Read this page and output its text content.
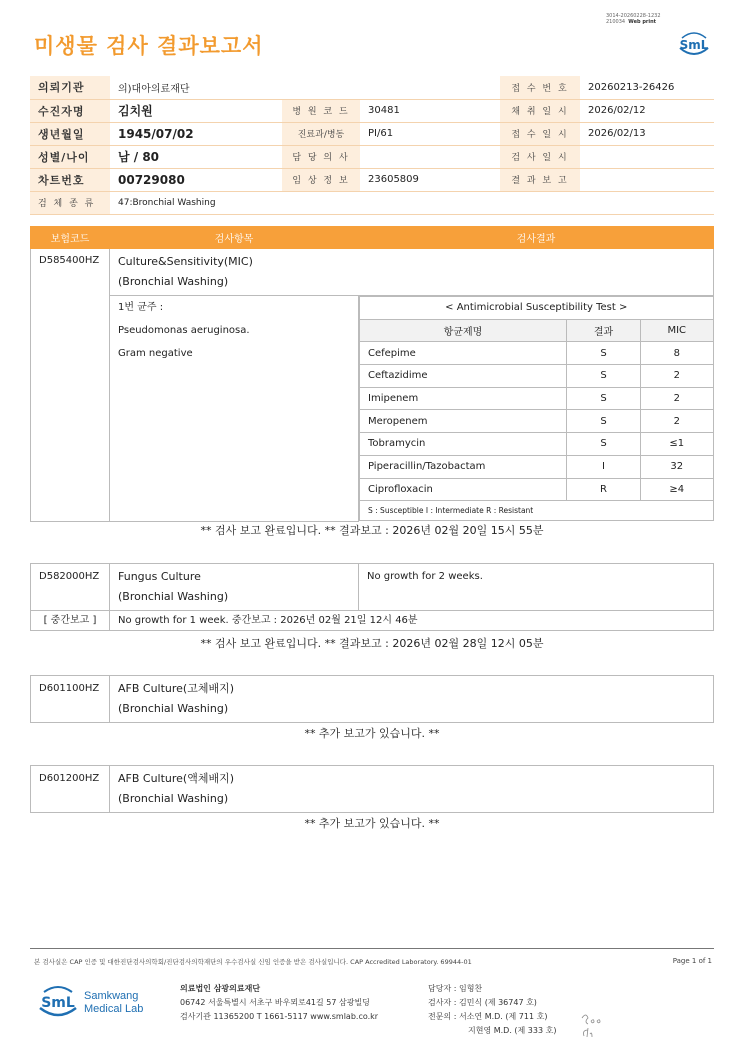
미생물 검사 결과보고서
3014-20260228-1232
210034 Web print
SmL
의뢰기관	의)대아의료재단			접 수 번 호	20260213-26426
수진자명	김치원	병 원 코 드	30481	채 취 일 시	2026/02/12
생년월일	1945/07/02	진료과/병동	PI/61	접 수 일 시	2026/02/13
성별/나이	남 / 80	담 당 의 사		검 사 일 시	
차트번호	00729080	임 상 정 보	23605809	결 과 보 고	
검 체 종 류	47:Bronchial Washing				
보험코드	검사항목	검사결과
D585400HZ	Culture&Sensitivity(MIC)
(Bronchial Washing)

1번 균주 :
Pseudomonas aeruginosa.
Gram negative

< Antimicrobial Susceptibility Test >
항균제명	결과	MIC
Cefepime	S	8
Ceftazidime	S	2
Imipenem	S	2
Meropenem	S	2
Tobramycin	S	≤1
Piperacillin/Tazobactam	I	32
Ciprofloxacin	R	≥4
S : Susceptible I : Intermediate R : Resistant
** 검사 보고 완료입니다. ** 결과보고 : 2026년 02월 20일 15시 55분
D582000HZ	Fungus Culture
(Bronchial Washing)	No growth for 2 weeks.
[ 중간보고 ]	No growth for 1 week. 중간보고 : 2026년 02월 21일 12시 46분	
** 검사 보고 완료입니다. ** 결과보고 : 2026년 02월 28일 12시 05분
D601100HZ	AFB Culture(고체배지)
(Bronchial Washing)
** 추가 보고가 있습니다. **
D601200HZ	AFB Culture(액체배지)
(Bronchial Washing)
** 추가 보고가 있습니다. **
본 검사실은 CAP 인증 및 대한진단검사의학회/진단검사의학재단의 우수검사실 신임 인증을 받은 검사실입니다. CAP Accredited Laboratory. 69944-01	Page 1 of 1
SmL Samkwang
Medical Lab
의료법인 삼광의료재단
06742 서울특별시 서초구 바우뫼로41길 57 삼광빌딩
검사기관 11365200 T 1661-5117 www.smlab.co.kr
담당자 : 임형찬
검사자 : 김민식 (제 36747 호)
전문의 : 서소연 M.D. (제 711 호)
지현영 M.D. (제 333 호)
